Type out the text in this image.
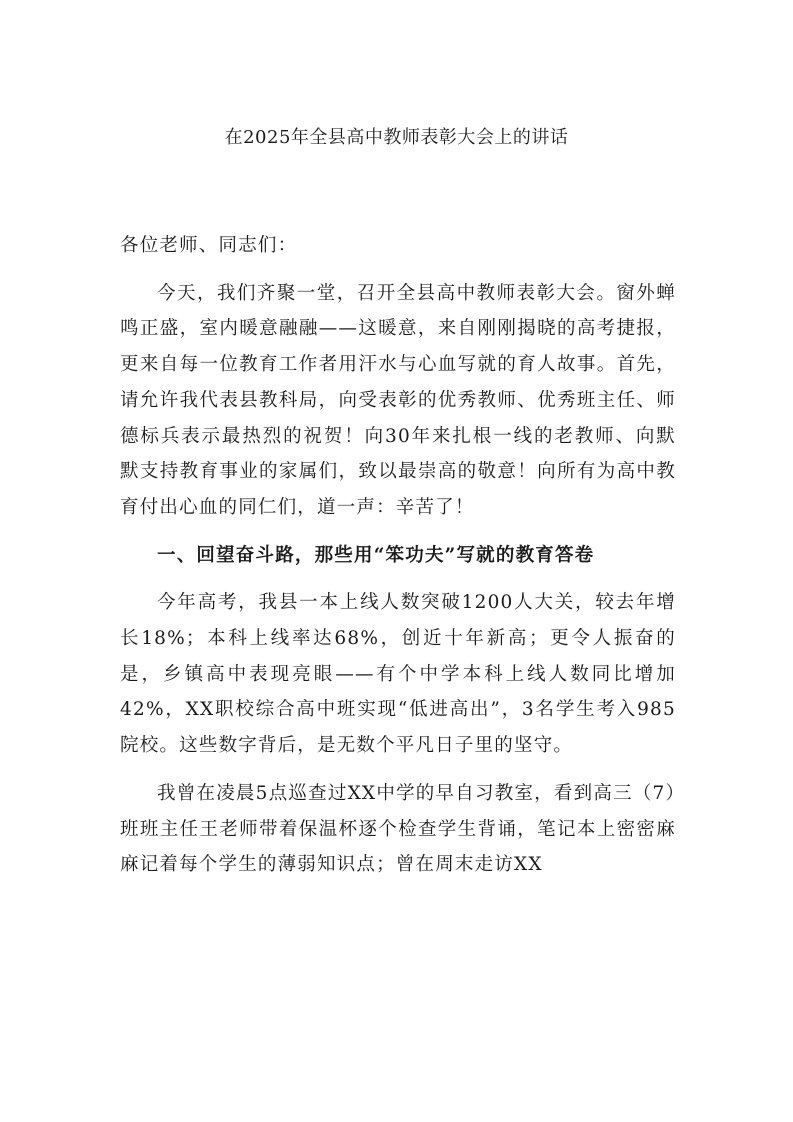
在2025年全县高中教师表彰大会上的讲话

各位老师、同志们：

今天，我们齐聚一堂，召开全县高中教师表彰大会。窗外蝉鸣正盛，室内暖意融融——这暖意，来自刚刚揭晓的高考捷报，更来自每一位教育工作者用汗水与心血写就的育人故事。首先，请允许我代表县教科局，向受表彰的优秀教师、优秀班主任、师德标兵表示最热烈的祝贺！向30年来扎根一线的老教师、向默默支持教育事业的家属们，致以最崇高的敬意！向所有为高中教育付出心血的同仁们，道一声：辛苦了！

一、回望奋斗路，那些用“笨功夫”写就的教育答卷

今年高考，我县一本上线人数突破1200人大关，较去年增长18%；本科上线率达68%，创近十年新高；更令人振奋的是，乡镇高中表现亮眼——有个中学本科上线人数同比增加42%，XX职校综合高中班实现“低进高出”，3名学生考入985院校。这些数字背后，是无数个平凡日子里的坚守。

我曾在凌晨5点巡查过XX中学的早自习教室，看到高三（7）班班主任王老师带着保温杯逐个检查学生背诵，笔记本上密密麻麻记着每个学生的薄弱知识点；曾在周末走访XX
